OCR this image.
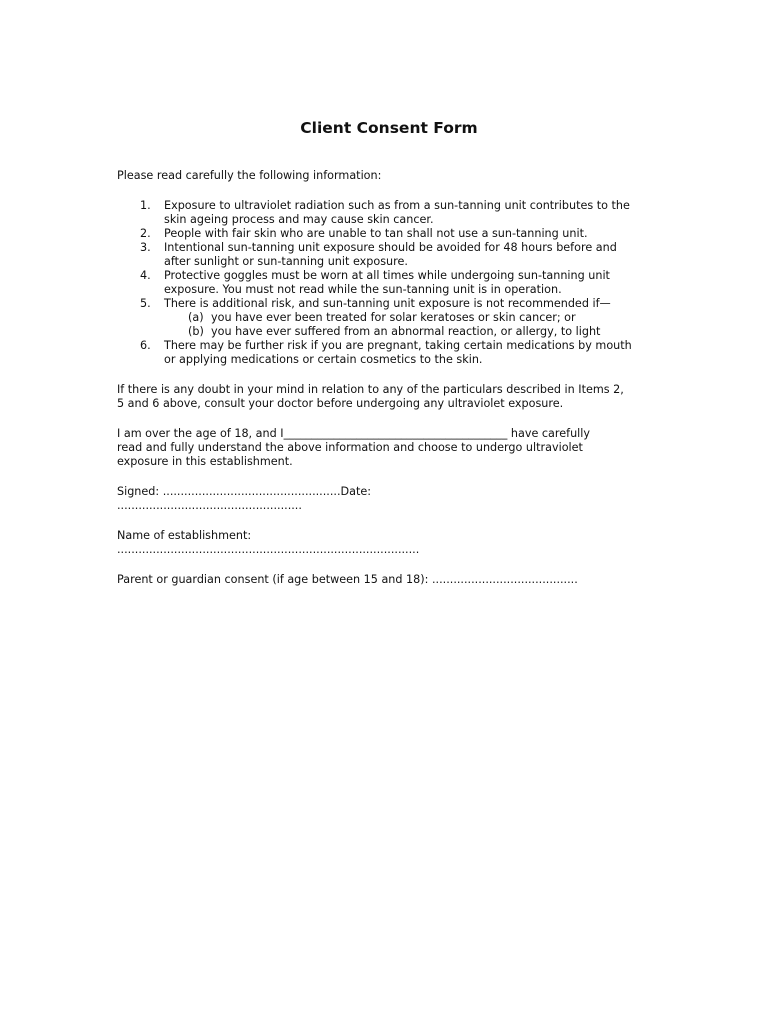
Client Consent Form
Please read carefully the following information:
1. Exposure to ultraviolet radiation such as from a sun-tanning unit contributes to the
skin ageing process and may cause skin cancer.
2. People with fair skin who are unable to tan shall not use a sun-tanning unit.
3. Intentional sun-tanning unit exposure should be avoided for 48 hours before and
after sunlight or sun-tanning unit exposure.
4. Protective goggles must be worn at all times while undergoing sun-tanning unit
exposure. You must not read while the sun-tanning unit is in operation.
5. There is additional risk, and sun-tanning unit exposure is not recommended if—
(a) you have ever been treated for solar keratoses or skin cancer; or
(b) you have ever suffered from an abnormal reaction, or allergy, to light
6. There may be further risk if you are pregnant, taking certain medications by mouth
or applying medications or certain cosmetics to the skin.
If there is any doubt in your mind in relation to any of the particulars described in Items 2,
5 and 6 above, consult your doctor before undergoing any ultraviolet exposure.
I am over the age of 18, and I________________________________________ have carefully
read and fully understand the above information and choose to undergo ultraviolet
exposure in this establishment.
Signed: ..................................................Date:
....................................................
Name of establishment:
.....................................................................................
Parent or guardian consent (if age between 15 and 18): .........................................
